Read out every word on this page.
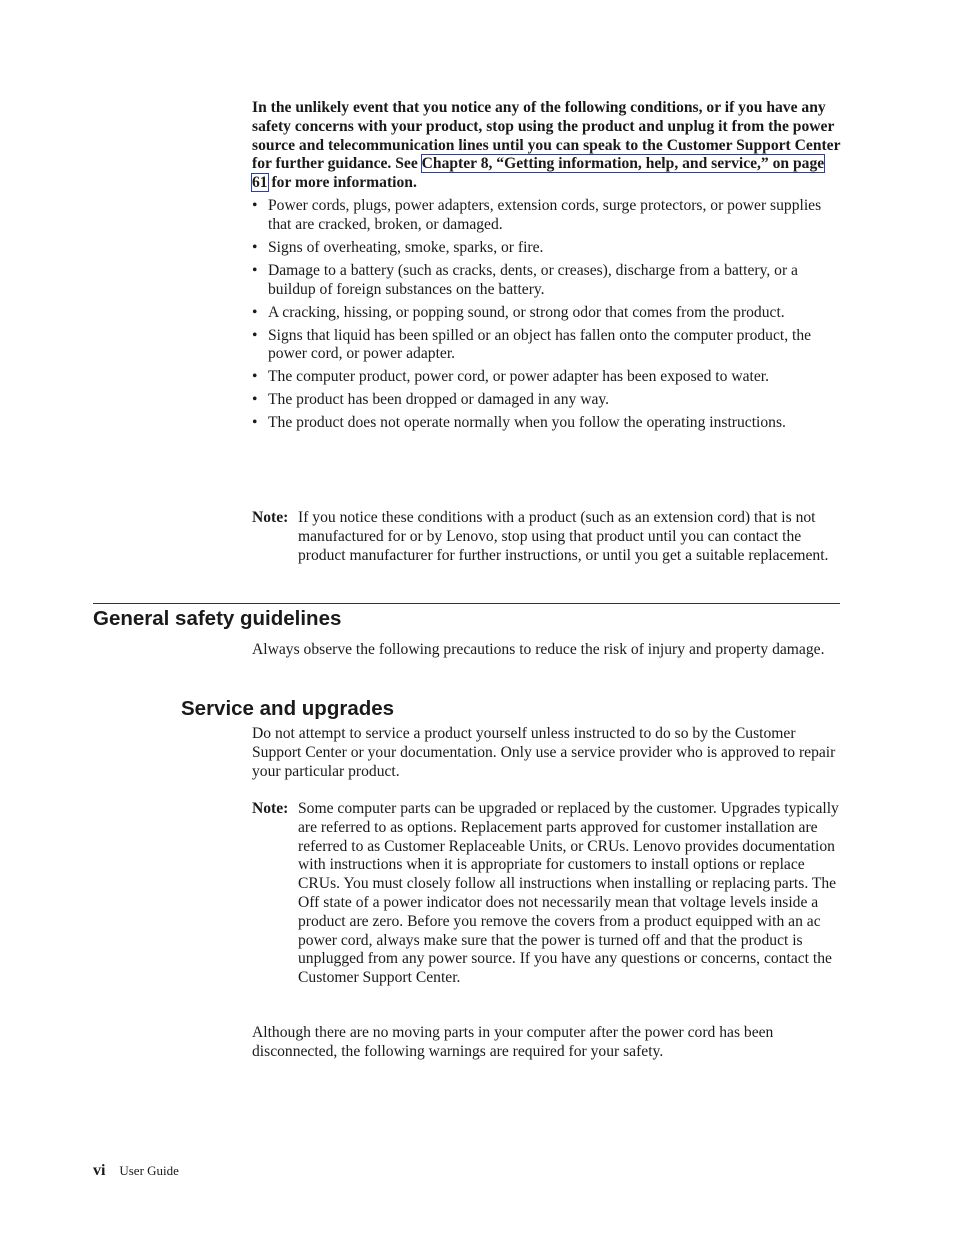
In the unlikely event that you notice any of the following conditions, or if you have any safety concerns with your product, stop using the product and unplug it from the power source and telecommunication lines until you can speak to the Customer Support Center for further guidance. See Chapter 8, “Getting information, help, and service,” on page 61 for more information.

• Power cords, plugs, power adapters, extension cords, surge protectors, or power supplies that are cracked, broken, or damaged.
• Signs of overheating, smoke, sparks, or fire.
• Damage to a battery (such as cracks, dents, or creases), discharge from a battery, or a buildup of foreign substances on the battery.
• A cracking, hissing, or popping sound, or strong odor that comes from the product.
• Signs that liquid has been spilled or an object has fallen onto the computer product, the power cord, or power adapter.
• The computer product, power cord, or power adapter has been exposed to water.
• The product has been dropped or damaged in any way.
• The product does not operate normally when you follow the operating instructions.
Note: If you notice these conditions with a product (such as an extension cord) that is not manufactured for or by Lenovo, stop using that product until you can contact the product manufacturer for further instructions, or until you get a suitable replacement.

General safety guidelines

Always observe the following precautions to reduce the risk of injury and property damage.

Service and upgrades

Do not attempt to service a product yourself unless instructed to do so by the Customer Support Center or your documentation. Only use a service provider who is approved to repair your particular product.

Note: Some computer parts can be upgraded or replaced by the customer. Upgrades typically are referred to as options. Replacement parts approved for customer installation are referred to as Customer Replaceable Units, or CRUs. Lenovo provides documentation with instructions when it is appropriate for customers to install options or replace CRUs. You must closely follow all instructions when installing or replacing parts. The Off state of a power indicator does not necessarily mean that voltage levels inside a product are zero. Before you remove the covers from a product equipped with an ac power cord, always make sure that the power is turned off and that the product is unplugged from any power source. If you have any questions or concerns, contact the Customer Support Center.

Although there are no moving parts in your computer after the power cord has been disconnected, the following warnings are required for your safety.

vi User Guide
